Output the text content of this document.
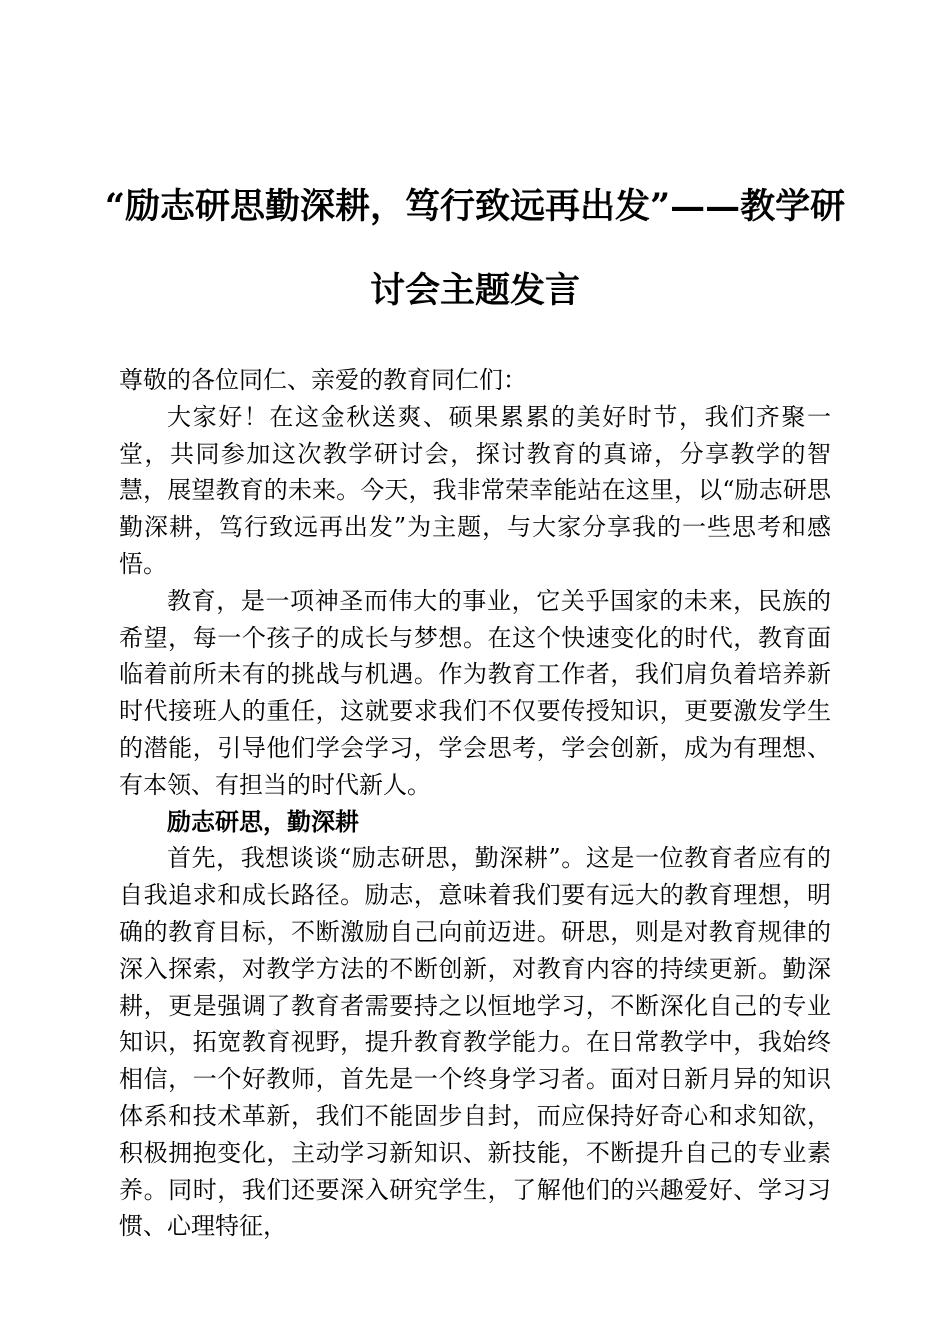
“励志研思勤深耕，笃行致远再出发”——教学研讨会主题发言

尊敬的各位同仁、亲爱的教育同仁们：

大家好！在这金秋送爽、硕果累累的美好时节，我们齐聚一堂，共同参加这次教学研讨会，探讨教育的真谛，分享教学的智慧，展望教育的未来。今天，我非常荣幸能站在这里，以“励志研思勤深耕，笃行致远再出发”为主题，与大家分享我的一些思考和感悟。

教育，是一项神圣而伟大的事业，它关乎国家的未来，民族的希望，每一个孩子的成长与梦想。在这个快速变化的时代，教育面临着前所未有的挑战与机遇。作为教育工作者，我们肩负着培养新时代接班人的重任，这就要求我们不仅要传授知识，更要激发学生的潜能，引导他们学会学习，学会思考，学会创新，成为有理想、有本领、有担当的时代新人。

励志研思，勤深耕

首先，我想谈谈“励志研思，勤深耕”。这是一位教育者应有的自我追求和成长路径。励志，意味着我们要有远大的教育理想，明确的教育目标，不断激励自己向前迈进。研思，则是对教育规律的深入探索，对教学方法的不断创新，对教育内容的持续更新。勤深耕，更是强调了教育者需要持之以恒地学习，不断深化自己的专业知识，拓宽教育视野，提升教育教学能力。在日常教学中，我始终相信，一个好教师，首先是一个终身学习者。面对日新月异的知识体系和技术革新，我们不能固步自封，而应保持好奇心和求知欲，积极拥抱变化，主动学习新知识、新技能，不断提升自己的专业素养。同时，我们还要深入研究学生，了解他们的兴趣爱好、学习习惯、心理特征，
